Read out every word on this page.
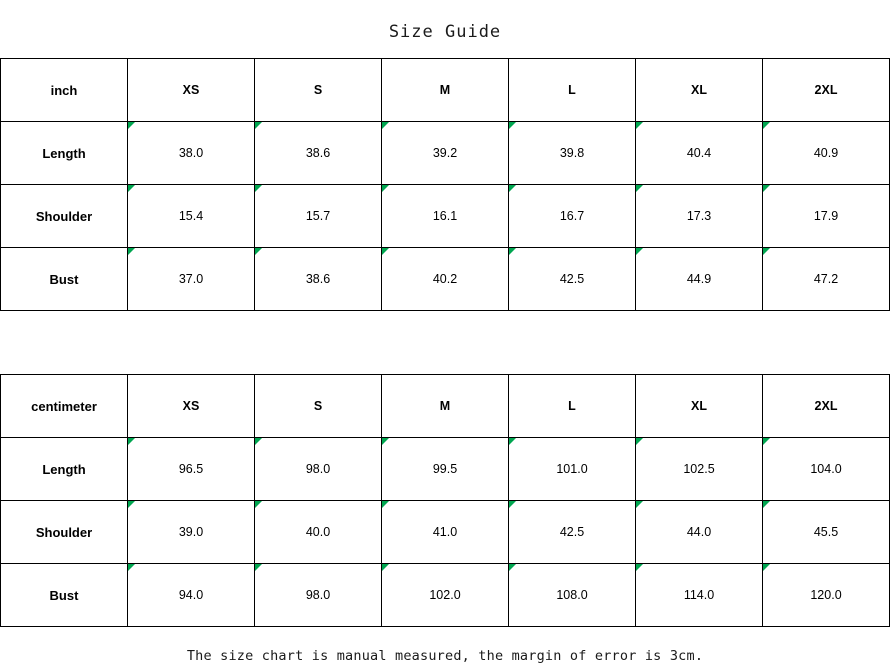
Size Guide
inch	XS	S	M	L	XL	2XL
Length	38.0	38.6	39.2	39.8	40.4	40.9
Shoulder	15.4	15.7	16.1	16.7	17.3	17.9
Bust	37.0	38.6	40.2	42.5	44.9	47.2
centimeter	XS	S	M	L	XL	2XL
Length	96.5	98.0	99.5	101.0	102.5	104.0
Shoulder	39.0	40.0	41.0	42.5	44.0	45.5
Bust	94.0	98.0	102.0	108.0	114.0	120.0
The size chart is manual measured, the margin of error is 3cm.
